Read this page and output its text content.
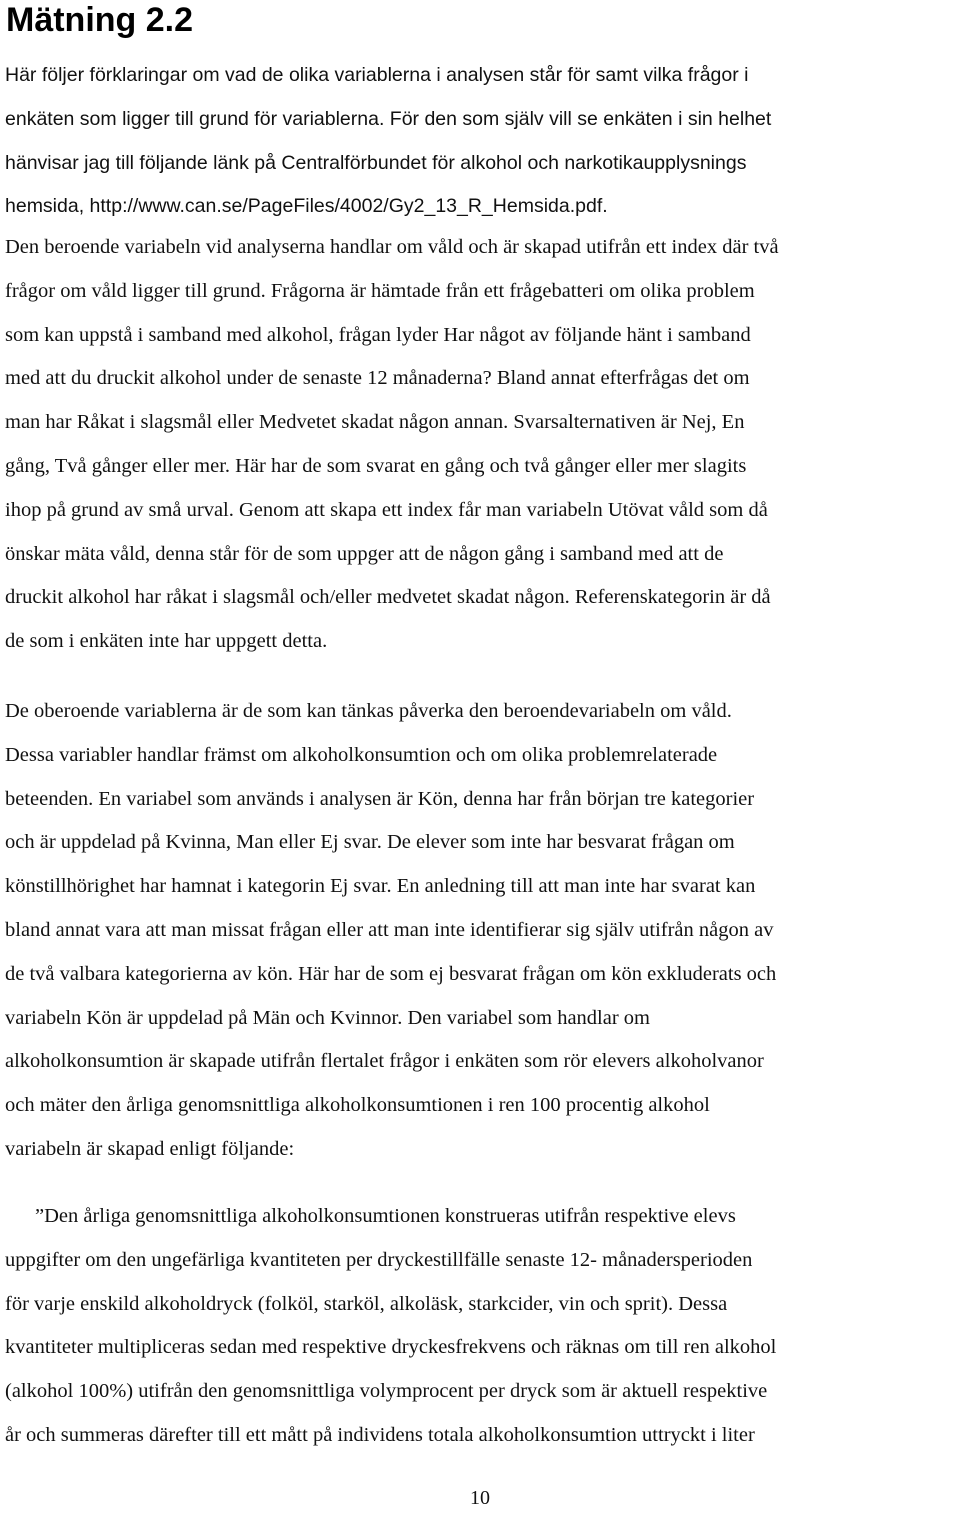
Mätning 2.2

Här följer förklaringar om vad de olika variablerna i analysen står för samt vilka frågor i
enkäten som ligger till grund för variablerna. För den som själv vill se enkäten i sin helhet
hänvisar jag till följande länk på Centralförbundet för alkohol och narkotikaupplysnings
hemsida, http://www.can.se/PageFiles/4002/Gy2_13_R_Hemsida.pdf.

Den beroende variabeln vid analyserna handlar om våld och är skapad utifrån ett index där två
frågor om våld ligger till grund. Frågorna är hämtade från ett frågebatteri om olika problem
som kan uppstå i samband med alkohol, frågan lyder Har något av följande hänt i samband
med att du druckit alkohol under de senaste 12 månaderna? Bland annat efterfrågas det om
man har Råkat i slagsmål eller Medvetet skadat någon annan. Svarsalternativen är Nej, En
gång, Två gånger eller mer. Här har de som svarat en gång och två gånger eller mer slagits
ihop på grund av små urval. Genom att skapa ett index får man variabeln Utövat våld som då
önskar mäta våld, denna står för de som uppger att de någon gång i samband med att de
druckit alkohol har råkat i slagsmål och/eller medvetet skadat någon. Referenskategorin är då
de som i enkäten inte har uppgett detta.

De oberoende variablerna är de som kan tänkas påverka den beroendevariabeln om våld.
Dessa variabler handlar främst om alkoholkonsumtion och om olika problemrelaterade
beteenden. En variabel som används i analysen är Kön, denna har från början tre kategorier
och är uppdelad på Kvinna, Man eller Ej svar. De elever som inte har besvarat frågan om
könstillhörighet har hamnat i kategorin Ej svar. En anledning till att man inte har svarat kan
bland annat vara att man missat frågan eller att man inte identifierar sig själv utifrån någon av
de två valbara kategorierna av kön. Här har de som ej besvarat frågan om kön exkluderats och
variabeln Kön är uppdelad på Män och Kvinnor. Den variabel som handlar om
alkoholkonsumtion är skapade utifrån flertalet frågor i enkäten som rör elevers alkoholvanor
och mäter den årliga genomsnittliga alkoholkonsumtionen i ren 100 procentig alkohol
variabeln är skapad enligt följande:

”Den årliga genomsnittliga alkoholkonsumtionen konstrueras utifrån respektive elevs
uppgifter om den ungefärliga kvantiteten per dryckestillfälle senaste 12- månadersperioden
för varje enskild alkoholdryck (folköl, starköl, alkoläsk, starkcider, vin och sprit). Dessa
kvantiteter multipliceras sedan med respektive dryckesfrekvens och räknas om till ren alkohol
(alkohol 100%) utifrån den genomsnittliga volymprocent per dryck som är aktuell respektive
år och summeras därefter till ett mått på individens totala alkoholkonsumtion uttryckt i liter

10
